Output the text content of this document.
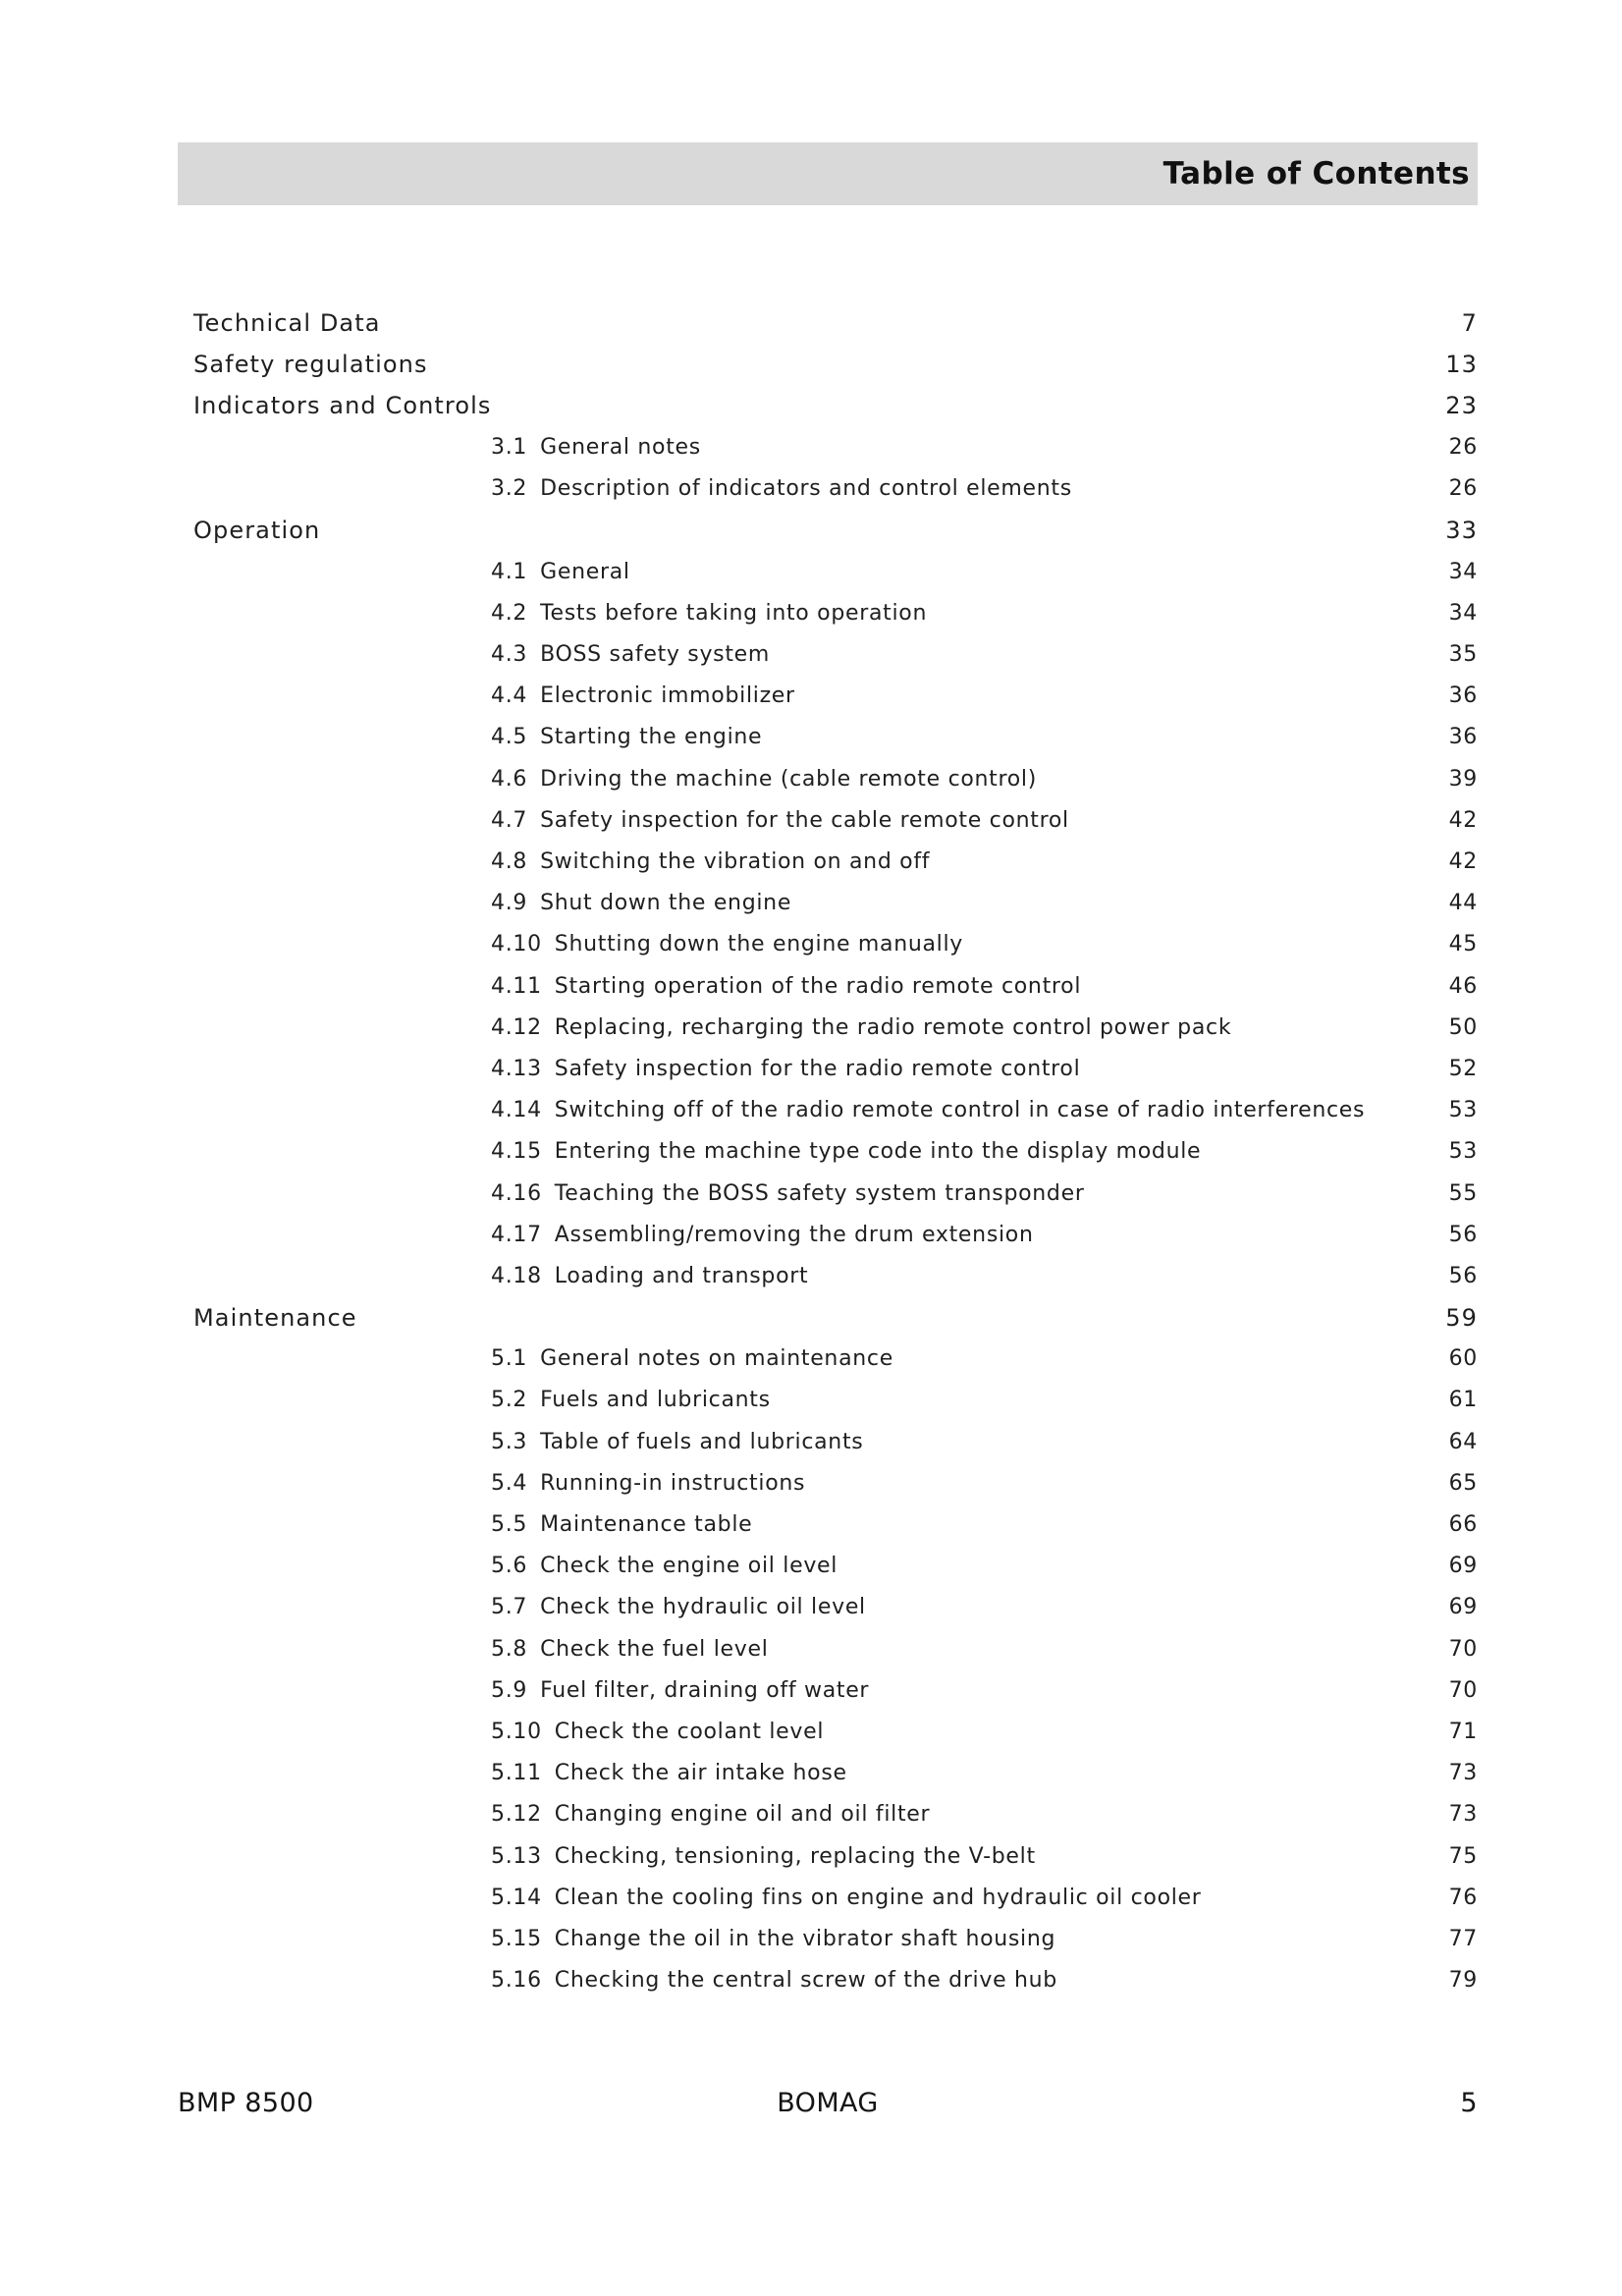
Table of Contents
Technical Data	7
Safety regulations	13
Indicators and Controls	23
3.1 General notes	26
3.2 Description of indicators and control elements	26
Operation	33
4.1 General	34
4.2 Tests before taking into operation	34
4.3 BOSS safety system	35
4.4 Electronic immobilizer	36
4.5 Starting the engine	36
4.6 Driving the machine (cable remote control)	39
4.7 Safety inspection for the cable remote control	42
4.8 Switching the vibration on and off	42
4.9 Shut down the engine	44
4.10 Shutting down the engine manually	45
4.11 Starting operation of the radio remote control	46
4.12 Replacing, recharging the radio remote control power pack	50
4.13 Safety inspection for the radio remote control	52
4.14 Switching off of the radio remote control in case of radio interferences	53
4.15 Entering the machine type code into the display module	53
4.16 Teaching the BOSS safety system transponder	55
4.17 Assembling/removing the drum extension	56
4.18 Loading and transport	56
Maintenance	59
5.1 General notes on maintenance	60
5.2 Fuels and lubricants	61
5.3 Table of fuels and lubricants	64
5.4 Running-in instructions	65
5.5 Maintenance table	66
5.6 Check the engine oil level	69
5.7 Check the hydraulic oil level	69
5.8 Check the fuel level	70
5.9 Fuel filter, draining off water	70
5.10 Check the coolant level	71
5.11 Check the air intake hose	73
5.12 Changing engine oil and oil filter	73
5.13 Checking, tensioning, replacing the V-belt	75
5.14 Clean the cooling fins on engine and hydraulic oil cooler	76
5.15 Change the oil in the vibrator shaft housing	77
5.16 Checking the central screw of the drive hub	79
BMP 8500	BOMAG	5
